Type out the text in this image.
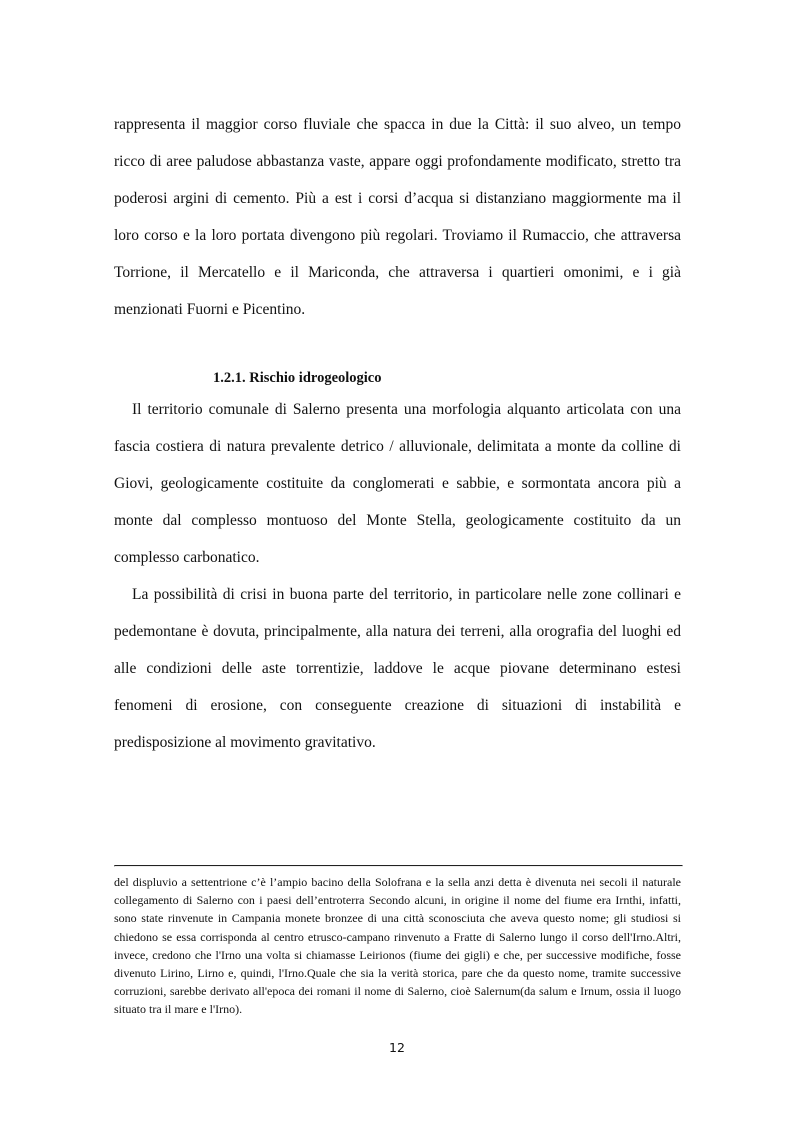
rappresenta il maggior corso fluviale che spacca in due la Città: il suo alveo, un tempo ricco di aree paludose abbastanza vaste, appare oggi profondamente modificato, stretto tra poderosi argini di cemento. Più a est i corsi d’acqua si distanziano maggiormente ma il loro corso e la loro portata divengono più regolari. Troviamo il Rumaccio, che attraversa Torrione, il Mercatello e il Mariconda, che attraversa i quartieri omonimi, e i già menzionati Fuorni e Picentino.

1.2.1. Rischio idrogeologico

Il territorio comunale di Salerno presenta una morfologia alquanto articolata con una fascia costiera di natura prevalente detrico / alluvionale, delimitata a monte da colline di Giovi, geologicamente costituite da conglomerati e sabbie, e sormontata ancora più a monte dal complesso montuoso del Monte Stella, geologicamente costituito da un complesso carbonatico.

La possibilità di crisi in buona parte del territorio, in particolare nelle zone collinari e pedemontane è dovuta, principalmente, alla natura dei terreni, alla orografia del luoghi ed alle condizioni delle aste torrentizie, laddove le acque piovane determinano estesi fenomeni di erosione, con conseguente creazione di situazioni di instabilità e predisposizione al movimento gravitativo.

del displuvio a settentrione c’è l’ampio bacino della Solofrana e la sella anzi detta è divenuta nei secoli il naturale collegamento di Salerno con i paesi dell’entroterra Secondo alcuni, in origine il nome del fiume era Irnthi, infatti, sono state rinvenute in Campania monete bronzee di una città sconosciuta che aveva questo nome; gli studiosi si chiedono se essa corrisponda al centro etrusco-campano rinvenuto a Fratte di Salerno lungo il corso dell'Irno.Altri, invece, credono che l'Irno una volta si chiamasse Leirionos (fiume dei gigli) e che, per successive modifiche, fosse divenuto Lirino, Lirno e, quindi, l'Irno.Quale che sia la verità storica, pare che da questo nome, tramite successive corruzioni, sarebbe derivato all'epoca dei romani il nome di Salerno, cioè Salernum(da salum e Irnum, ossia il luogo situato tra il mare e l'Irno).

12
